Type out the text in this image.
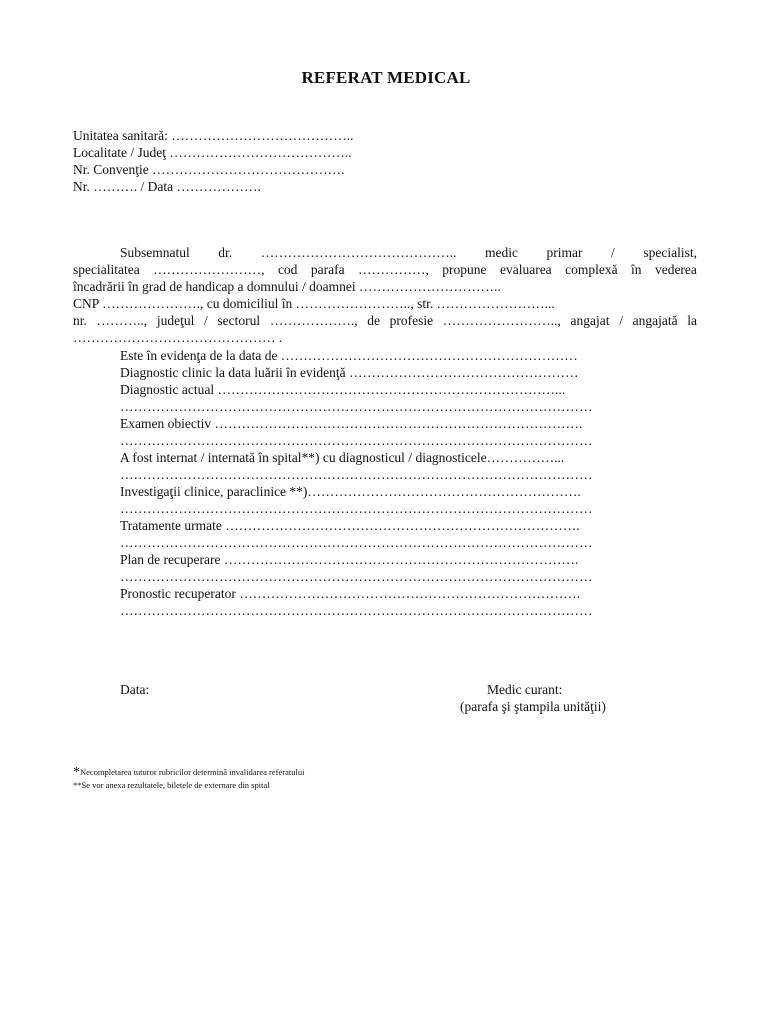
REFERAT MEDICAL
Unitatea sanitară: …………………………………..
Localitate / Judeţ …………………………………..
Nr. Convenţie …………………………………….
Nr. ………. / Data ……………….
Subsemnatul dr. …………………………………….. medic primar / specialist,
specialitatea ……………………, cod parafa ……………, propune evaluarea complexă în vederea
încadrării în grad de handicap a domnului / doamnei …………………………..
CNP …………………., cu domiciliul în …………………….., str. ……………………...
nr. ……….., judeţul / sectorul ………………., de profesie …………………….., angajat / angajată la
……………………………………… .
Este în evidenţa de la data de …………………………………………………………
Diagnostic clinic la data luării în evidenţă ……………………………………………
Diagnostic actual …………………………………………………………………...
……………………………………………………………………………………………
Examen obiectiv ……………………………………………………………………….
……………………………………………………………………………………………
A fost internat / internată în spital**) cu diagnosticul / diagnosticele……………...
……………………………………………………………………………………………
Investigaţii clinice, paraclinice **)…………………………………………………….
……………………………………………………………………………………………
Tratamente urmate …………………………………………………………………….
……………………………………………………………………………………………
Plan de recuperare …………………………………………………………………….
……………………………………………………………………………………………
Pronostic recuperator ………………………………………………………………….
……………………………………………………………………………………………
Data:	Medic curant:
(parafa şi ştampila unităţii)
*Necompletarea tuturor rubricilor determină invalidarea referatului
**Se vor anexa rezultatele, biletele de externare din spital
